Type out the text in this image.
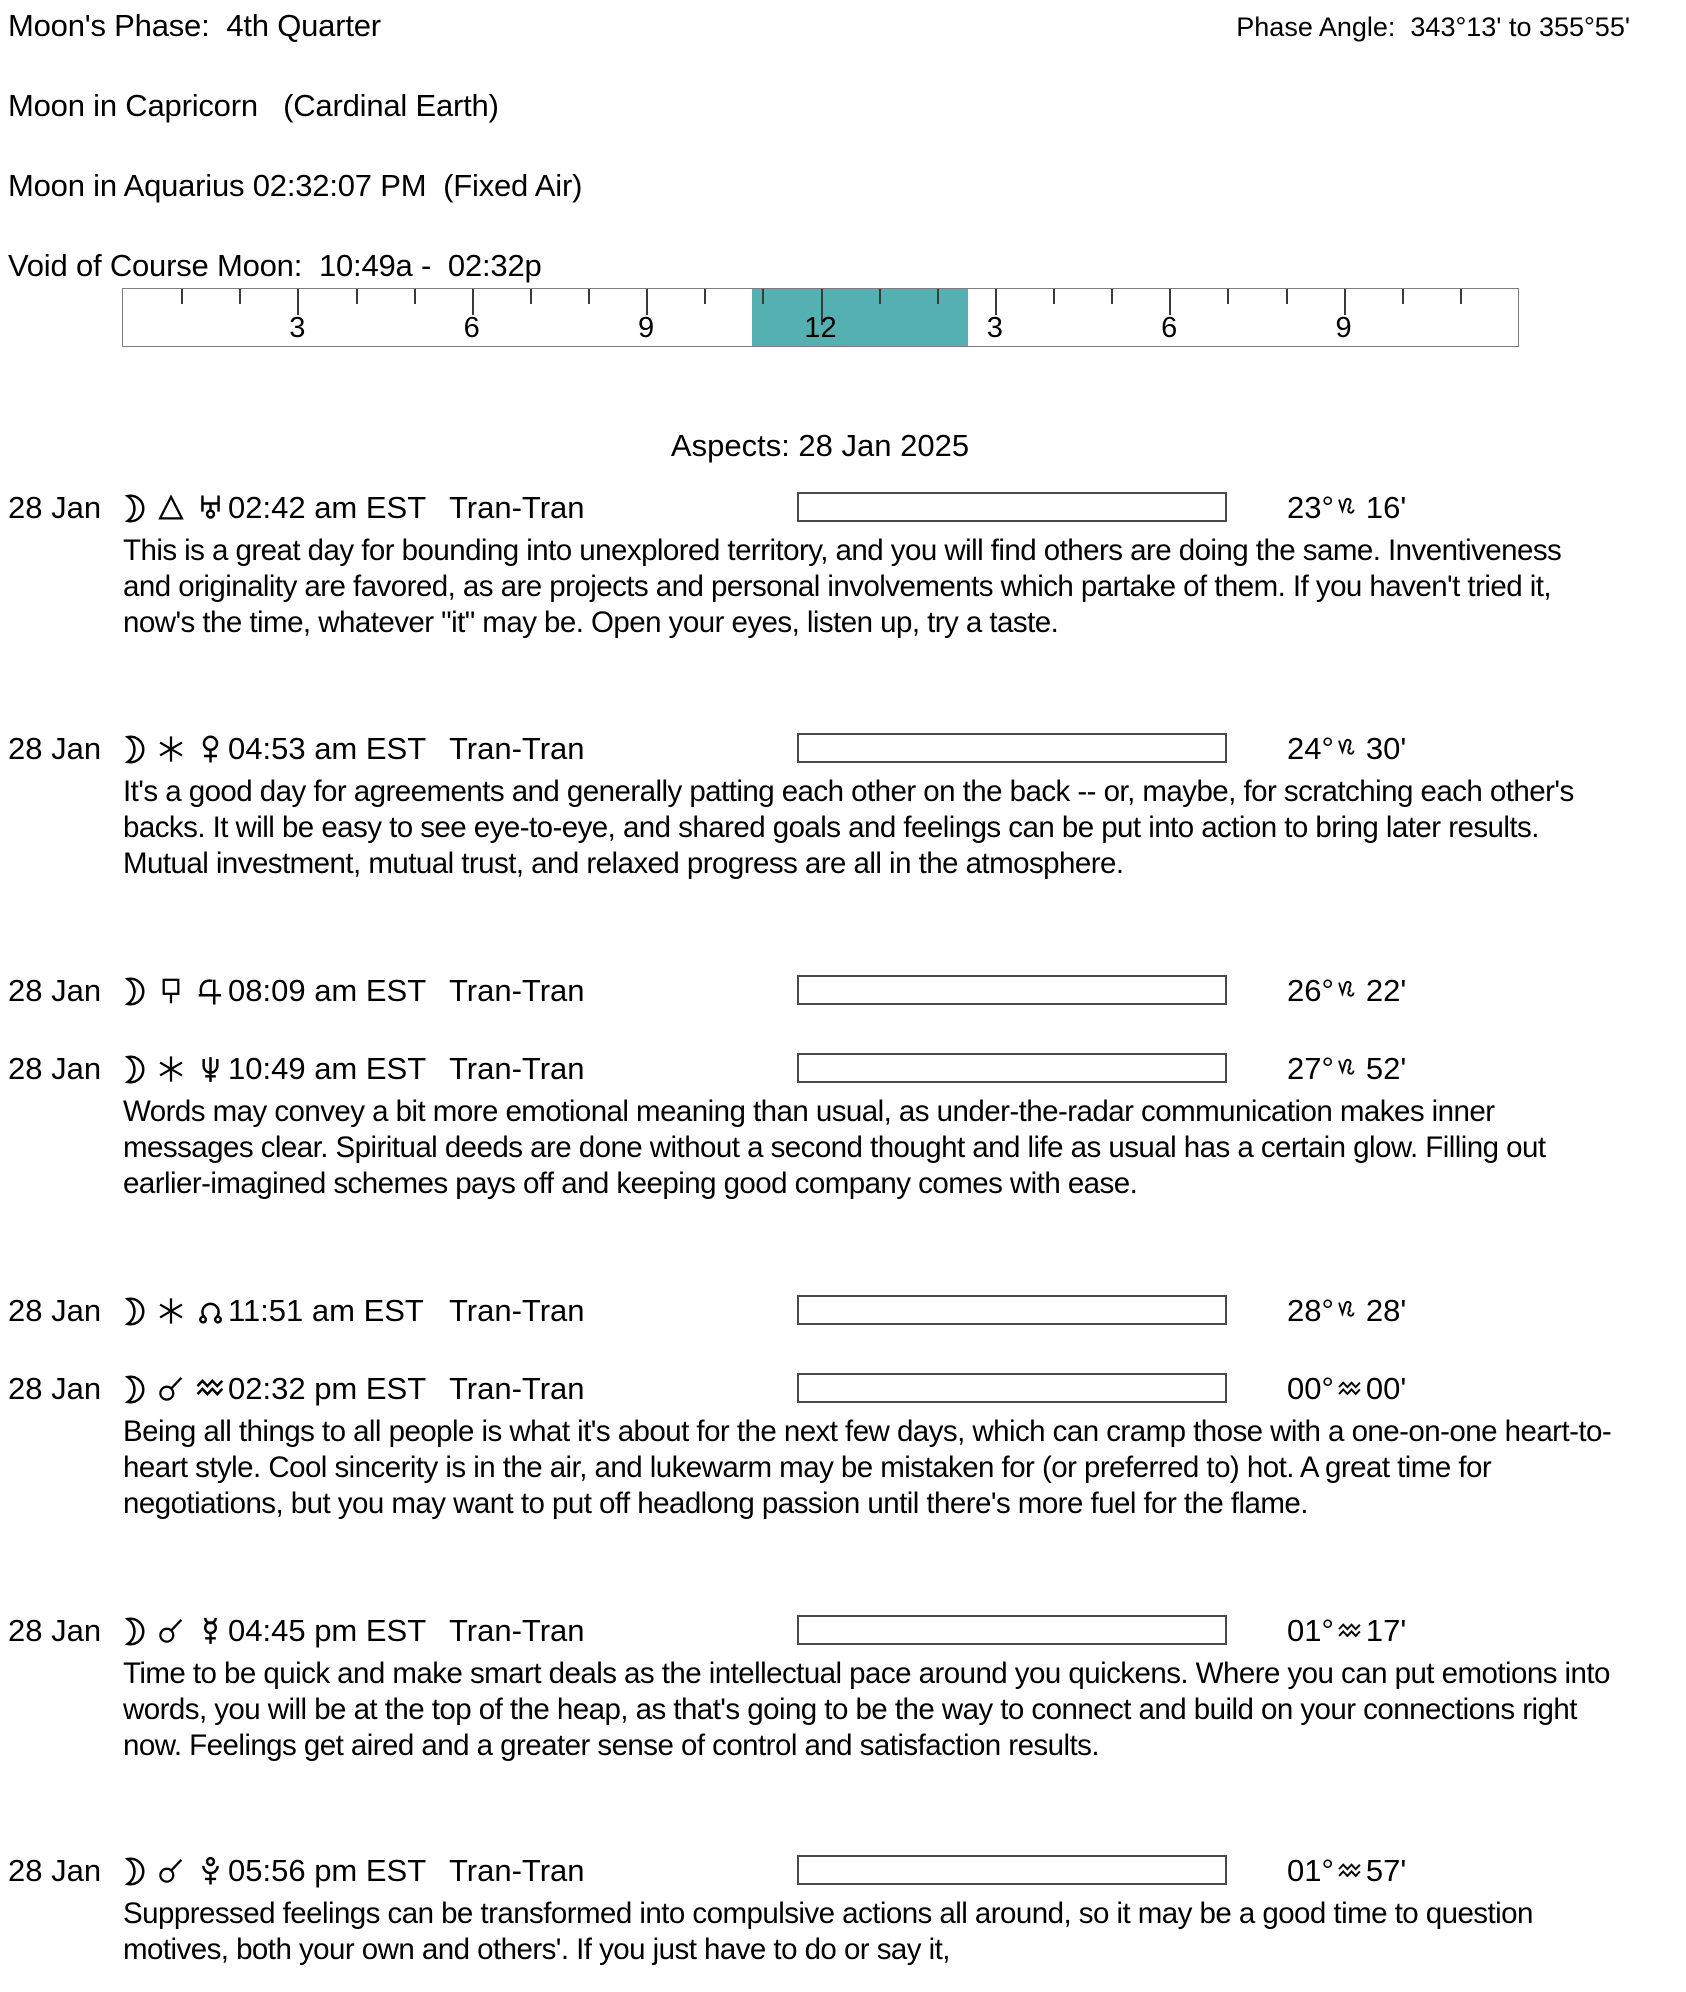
Moon's Phase:  4th Quarter	Phase Angle:  343°13' to 355°55'
Moon in Capricorn   (Cardinal Earth)
Moon in Aquarius 02:32:07 PM  (Fixed Air)
Void of Course Moon:  10:49a -  02:32p
3	6	9	12	3	6	9
Aspects: 28 Jan 2025
28 Jan	02:42 am EST Tran-Tran	23° 16'
This is a great day for bounding into unexplored territory, and you will find others are doing the same. Inventiveness and originality are favored, as are projects and personal involvements which partake of them. If you haven't tried it, now's the time, whatever "it" may be. Open your eyes, listen up, try a taste.
28 Jan	04:53 am EST Tran-Tran	24° 30'
It's a good day for agreements and generally patting each other on the back -- or, maybe, for scratching each other's backs. It will be easy to see eye-to-eye, and shared goals and feelings can be put into action to bring later results. Mutual investment, mutual trust, and relaxed progress are all in the atmosphere.
28 Jan	08:09 am EST Tran-Tran	26° 22'
28 Jan	10:49 am EST Tran-Tran	27° 52'
Words may convey a bit more emotional meaning than usual, as under-the-radar communication makes inner messages clear. Spiritual deeds are done without a second thought and life as usual has a certain glow. Filling out earlier-imagined schemes pays off and keeping good company comes with ease.
28 Jan	11:51 am EST Tran-Tran	28° 28'
28 Jan	02:32 pm EST Tran-Tran	00° 00'
Being all things to all people is what it's about for the next few days, which can cramp those with a one-on-one heart-to-heart style. Cool sincerity is in the air, and lukewarm may be mistaken for (or preferred to) hot. A great time for negotiations, but you may want to put off headlong passion until there's more fuel for the flame.
28 Jan	04:45 pm EST Tran-Tran	01° 17'
Time to be quick and make smart deals as the intellectual pace around you quickens. Where you can put emotions into words, you will be at the top of the heap, as that's going to be the way to connect and build on your connections right now. Feelings get aired and a greater sense of control and satisfaction results.
28 Jan	05:56 pm EST Tran-Tran	01° 57'
Suppressed feelings can be transformed into compulsive actions all around, so it may be a good time to question motives, both your own and others'. If you just have to do or say it,
